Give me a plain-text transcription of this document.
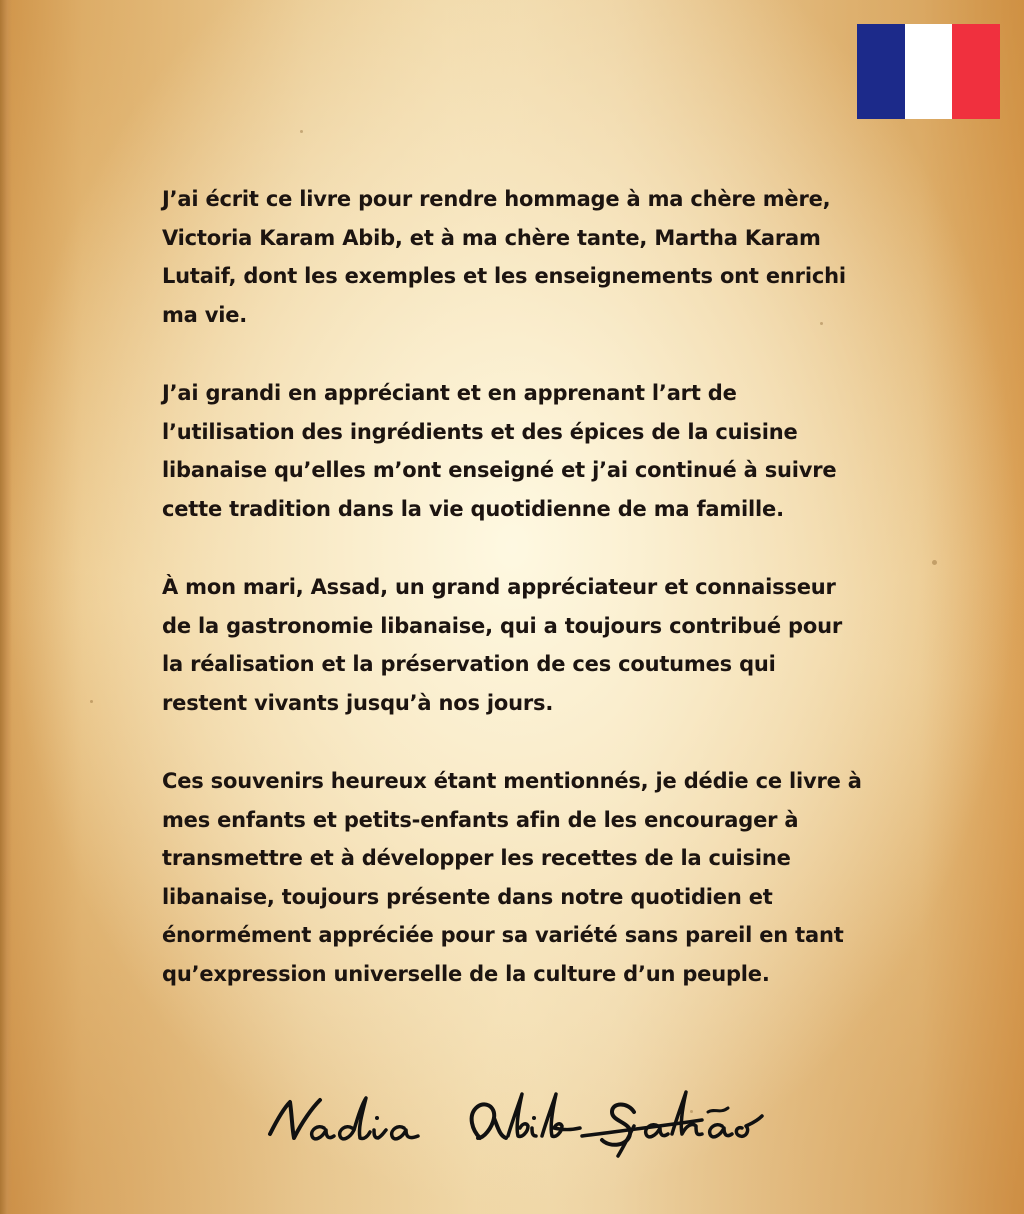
J’ai écrit ce livre pour rendre hommage à ma chère mère, Victoria Karam Abib, et à ma chère tante, Martha Karam Lutaif, dont les exemples et les enseignements ont enrichi ma vie.

J’ai grandi en appréciant et en apprenant l’art de l’utilisation des ingrédients et des épices de la cuisine libanaise qu’elles m’ont enseigné et j’ai continué à suivre cette tradition dans la vie quotidienne de ma famille.

À mon mari, Assad, un grand appréciateur et connaisseur de la gastronomie libanaise, qui a toujours contribué pour la réalisation et la préservation de ces coutumes qui restent vivants jusqu’à nos jours.

Ces souvenirs heureux étant mentionnés, je dédie ce livre à mes enfants et petits-enfants afin de les encourager à transmettre et à développer les recettes de la cuisine libanaise, toujours présente dans notre quotidien et énormément appréciée pour sa variété sans pareil en tant qu’expression universelle de la culture d’un peuple.
